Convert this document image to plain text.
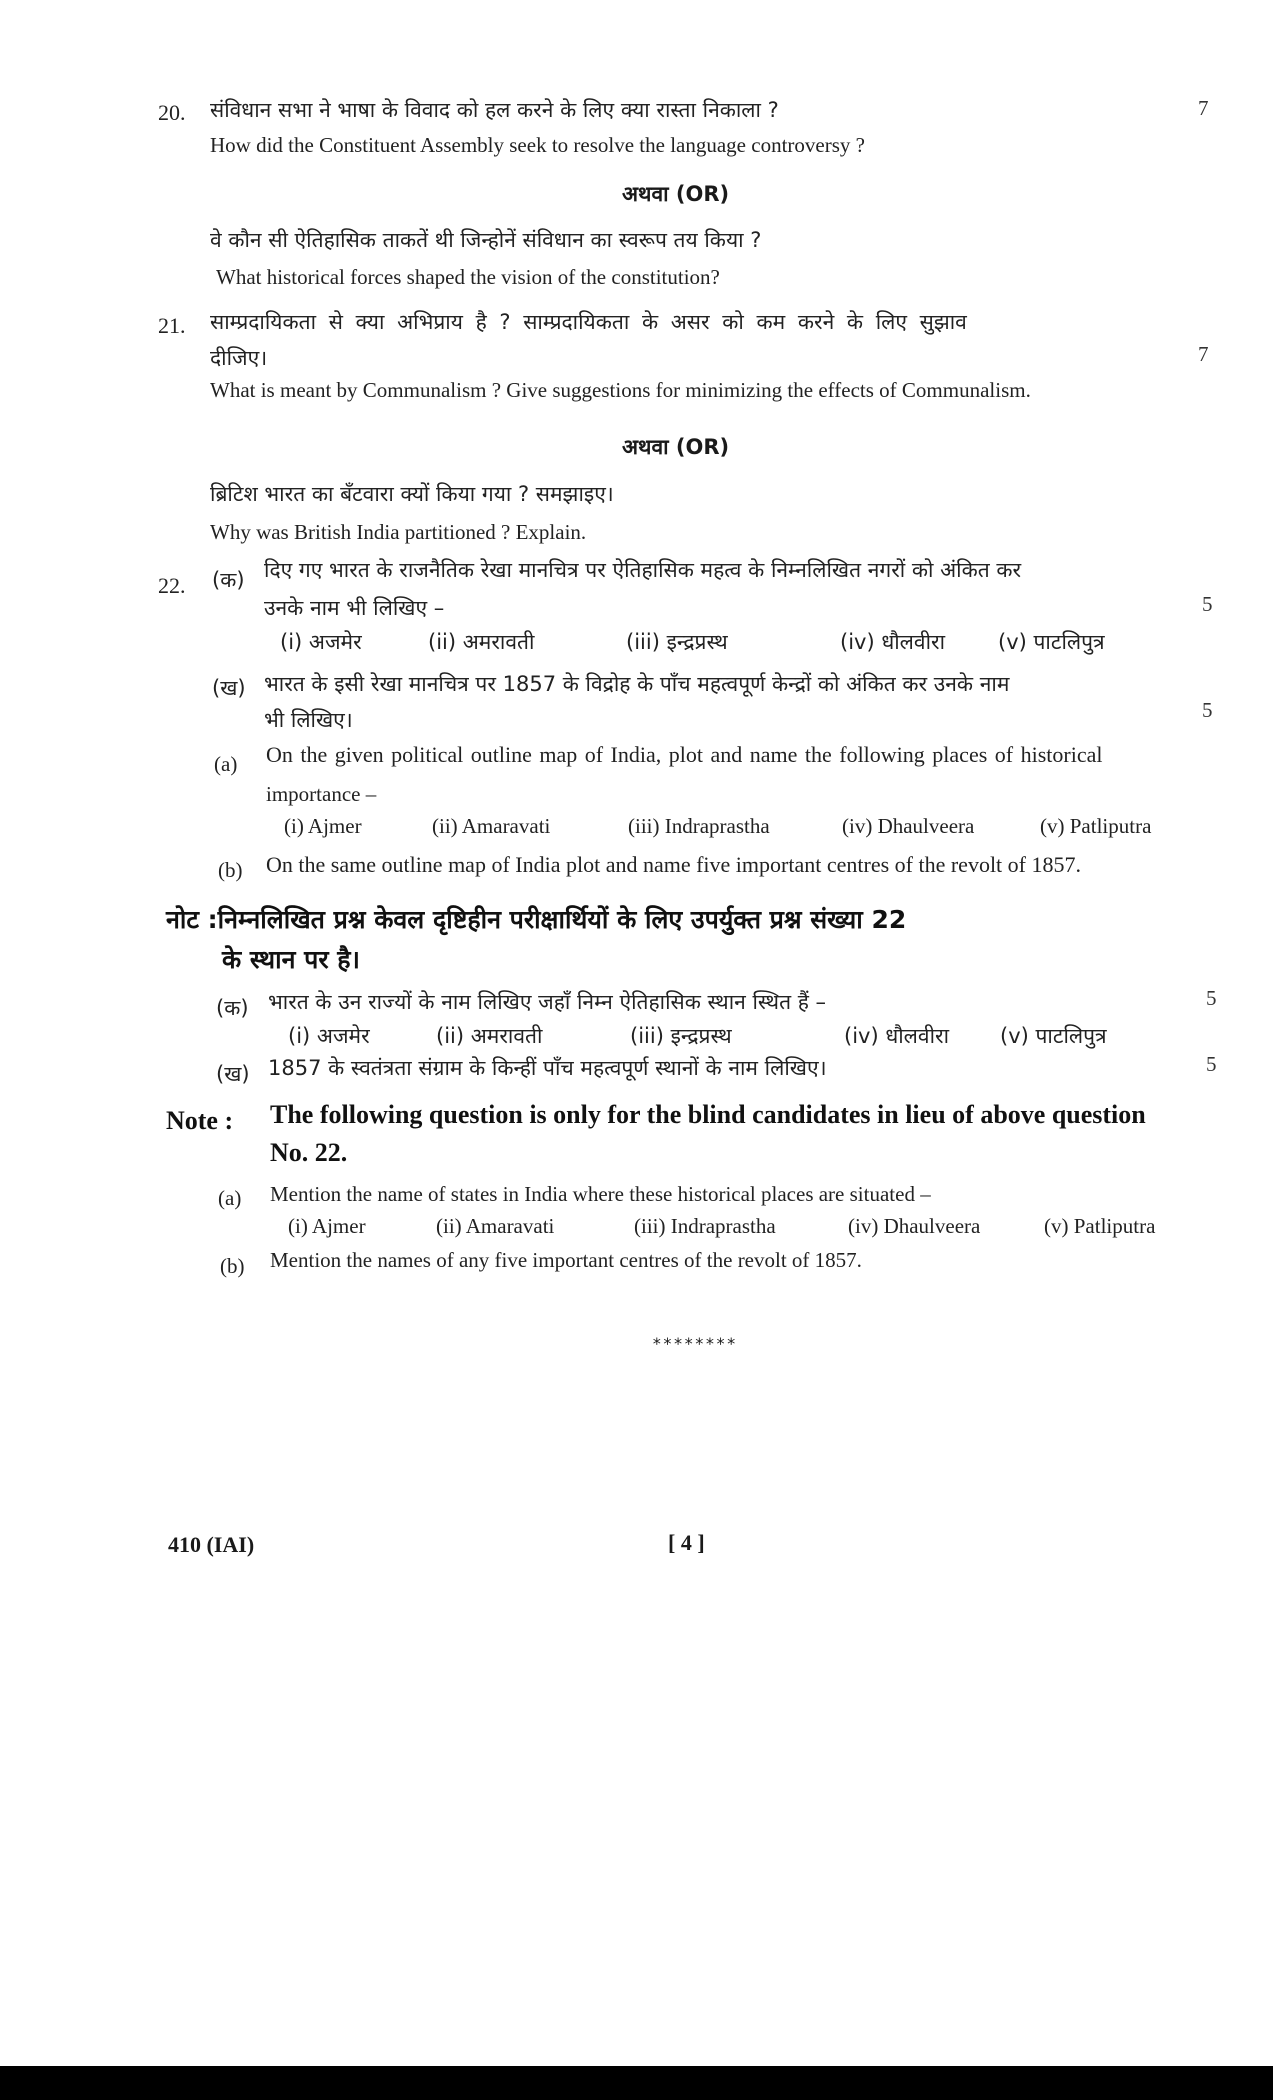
20. संविधान सभा ने भाषा के विवाद को हल करने के लिए क्या रास्ता निकाला ?	7
How did the Constituent Assembly seek to resolve the language controversy ?
अथवा (OR)
वे कौन सी ऐतिहासिक ताकतें थी जिन्होनें संविधान का स्वरूप तय किया ?
What historical forces shaped the vision of the constitution?
21. साम्प्रदायिकता से क्या अभिप्राय है ? साम्प्रदायिकता के असर को कम करने के लिए सुझाव
दीजिए।	7
What is meant by Communalism ? Give suggestions for minimizing the effects of Communalism.
अथवा (OR)
ब्रिटिश भारत का बँटवारा क्यों किया गया ? समझाइए।
Why was British India partitioned ? Explain.
22. (क) दिए गए भारत के राजनैतिक रेखा मानचित्र पर ऐतिहासिक महत्व के निम्नलिखित नगरों को अंकित कर
उनके नाम भी लिखिए –	5
(i) अजमेर	(ii) अमरावती	(iii) इन्द्रप्रस्थ	(iv) धौलवीरा	(v) पाटलिपुत्र
(ख) भारत के इसी रेखा मानचित्र पर 1857 के विद्रोह के पाँच महत्वपूर्ण केन्द्रों को अंकित कर उनके नाम
भी लिखिए।	5
(a) On the given political outline map of India, plot and name the following places of historical
importance –
(i) Ajmer	(ii) Amaravati	(iii) Indraprastha	(iv) Dhaulveera	(v) Patliputra
(b) On the same outline map of India plot and name five important centres of the revolt of 1857.
नोट :निम्नलिखित प्रश्न केवल दृष्टिहीन परीक्षार्थियों के लिए उपर्युक्त प्रश्न संख्या 22
के स्थान पर है।
(क) भारत के उन राज्यों के नाम लिखिए जहाँ निम्न ऐतिहासिक स्थान स्थित हैं –	5
(i) अजमेर	(ii) अमरावती	(iii) इन्द्रप्रस्थ	(iv) धौलवीरा (v) पाटलिपुत्र
(ख) 1857 के स्वतंत्रता संग्राम के किन्हीं पाँच महत्वपूर्ण स्थानों के नाम लिखिए।	5
Note : The following question is only for the blind candidates in lieu of above question
No. 22.
(a) Mention the name of states in India where these historical places are situated –
(i) Ajmer	(ii) Amaravati	(iii) Indraprastha	(iv) Dhaulveera	(v) Patliputra
(b) Mention the names of any five important centres of the revolt of 1857.
********
410 (IAI)	[ 4 ]
